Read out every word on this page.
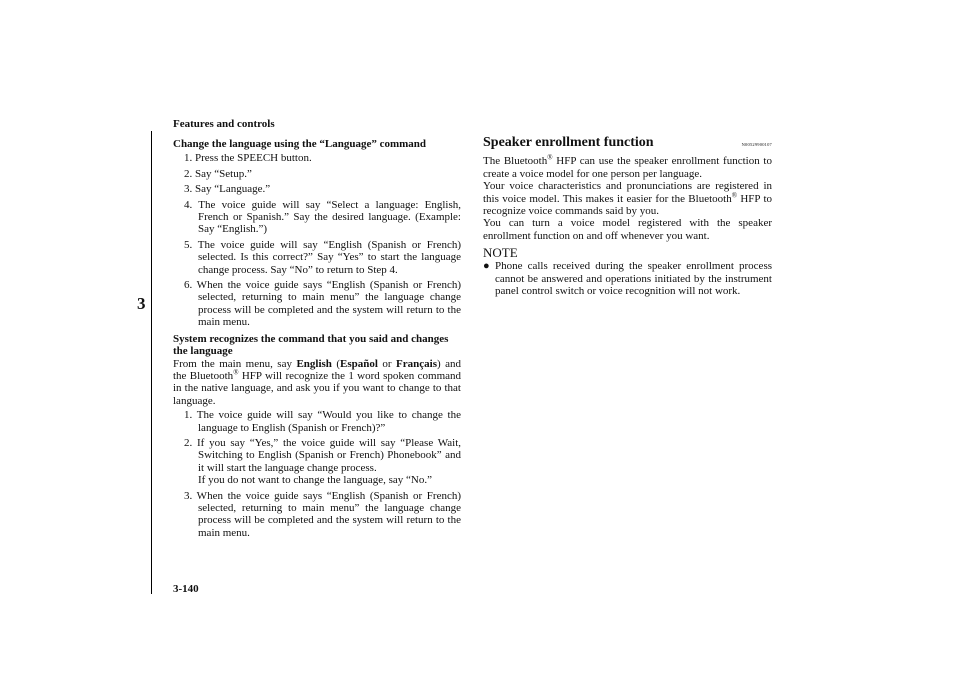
Features and controls
3

Change the language using the “Language” command

1. Press the SPEECH button.
2. Say “Setup.”
3. Say “Language.”
4. The voice guide will say “Select a language: English, French or Spanish.” Say the desired language. (Example: Say “English.”)
5. The voice guide will say “English (Spanish or French) selected. Is this correct?” Say “Yes” to start the language change process. Say “No” to return to Step 4.
6. When the voice guide says “English (Spanish or French) selected, returning to main menu” the language change process will be completed and the system will return to the main menu.

System recognizes the command that you said and changes the language

From the main menu, say English (Español or Français) and the Bluetooth® HFP will recognize the 1 word spoken command in the native language, and ask you if you want to change to that language.

1. The voice guide will say “Would you like to change the language to English (Spanish or French)?”
2. If you say “Yes,” the voice guide will say “Please Wait, Switching to English (Spanish or French) Phonebook” and it will start the language change process.
If you do not want to change the language, say “No.”
3. When the voice guide says “English (Spanish or French) selected, returning to main menu” the language change process will be completed and the system will return to the main menu.

Speaker enrollment function	N00529900107

The Bluetooth® HFP can use the speaker enrollment function to create a voice model for one person per language.

Your voice characteristics and pronunciations are registered in this voice model. This makes it easier for the Bluetooth® HFP to recognize voice commands said by you.

You can turn a voice model registered with the speaker enrollment function on and off whenever you want.

NOTE

● Phone calls received during the speaker enrollment process cannot be answered and operations initiated by the instrument panel control switch or voice recognition will not work.
3-140
